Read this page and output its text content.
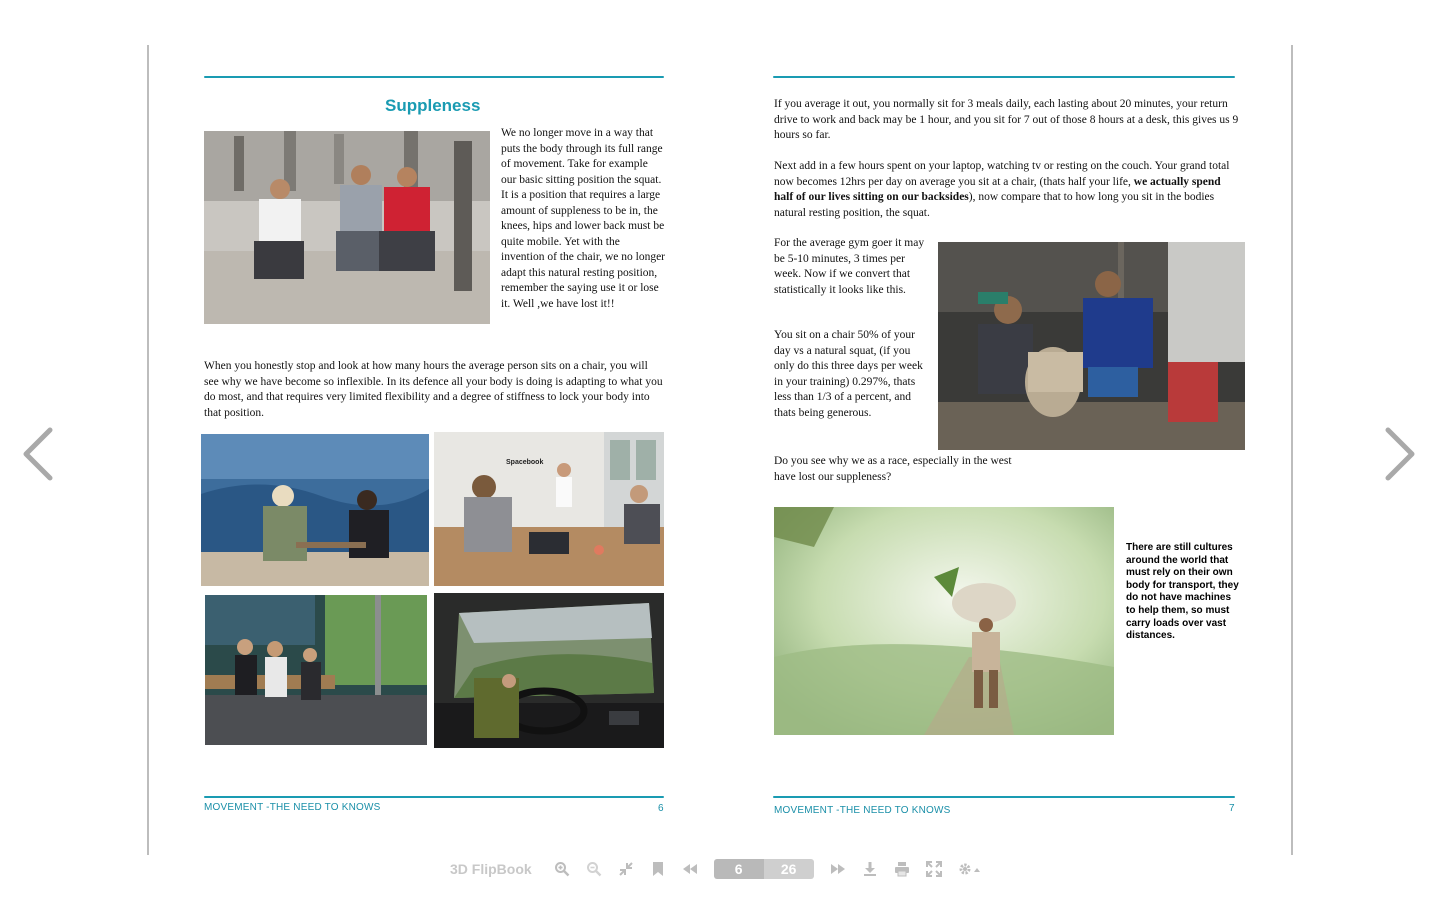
Suppleness
We no longer move in a way that puts the body through its full range of movement. Take for example our basic sitting position the squat. It is a position that requires a large amount of suppleness to be in, the knees, hips and lower back must be quite mobile. Yet with the invention of the chair, we no longer adapt this natural resting position, remember the saying use it or lose it. Well ,we have lost it!!
When you honestly stop and look at how many hours the average person sits on a chair, you will see why we have become so inflexible. In its defence all your body is doing is adapting to what you do most, and that requires very limited flexibility and a degree of stiffness to lock your body into that position.
Spacebook
MOVEMENT -THE NEED TO KNOWS	6
If you average it out, you normally sit for 3 meals daily, each lasting about 20 minutes, your return drive to work and back may be 1 hour, and you sit for 7 out of those 8 hours at a desk, this gives us 9 hours so far.
Next add in a few hours spent on your laptop, watching tv or resting on the couch. Your grand total now becomes 12hrs per day on average you sit at a chair, (thats half your life, we actually spend half of our lives sitting on our backsides), now compare that to how long you sit in the bodies natural resting position, the squat.
For the average gym goer it may be 5-10 minutes, 3 times per week. Now if we convert that statistically it looks like this.
You sit on a chair 50% of your day vs a natural squat, (if you only do this three days per week in your training) 0.297%, thats less than 1/3 of a percent, and thats being generous.
Do you see why we as a race, especially in the west have lost our suppleness?
There are still cultures around the world that must rely on their own body for transport, they do not have machines to help them, so must carry loads over vast distances.
MOVEMENT -THE NEED TO KNOWS	7
3D FlipBook	6	26
